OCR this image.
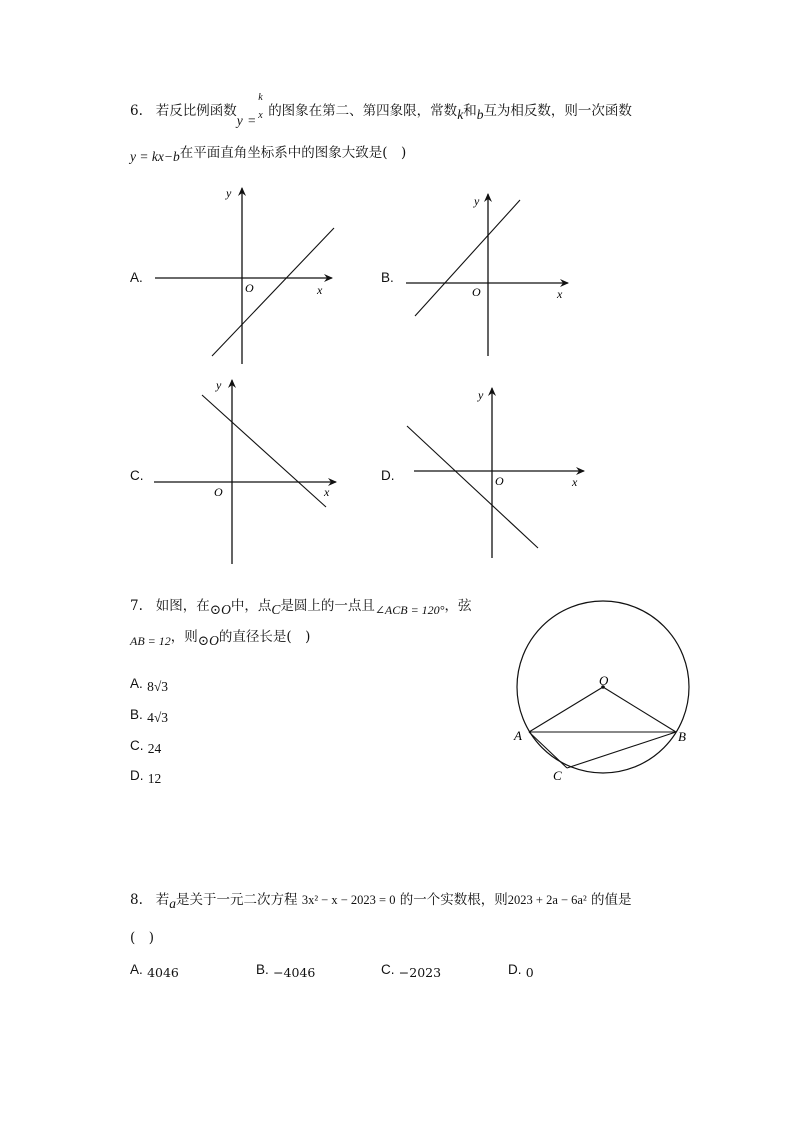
6. 若反比例函数y =
k
x 的图象在第二、第四象限，常数k和b互为相反数，则一次函数
y = kx−b在平面直角坐标系中的图象大致是(　)
A.	B.
C.	D.
y
x
O
y
x
O
y
x
O
y
x
O
7. 如图，在⊙O中，点C是圆上的一点且∠ACB = 120°，弦
AB = 12，则⊙O的直径长是(　)
A. 8√3
B. 4√3
C. 24
D. 12
O
A	B
C
8. 若a是关于一元二次方程 3x² − x − 2023 = 0 的一个实数根，则2023 + 2a − 6a² 的值是
(　)
A. 4046	B. −4046	C. −2023	D. 0
